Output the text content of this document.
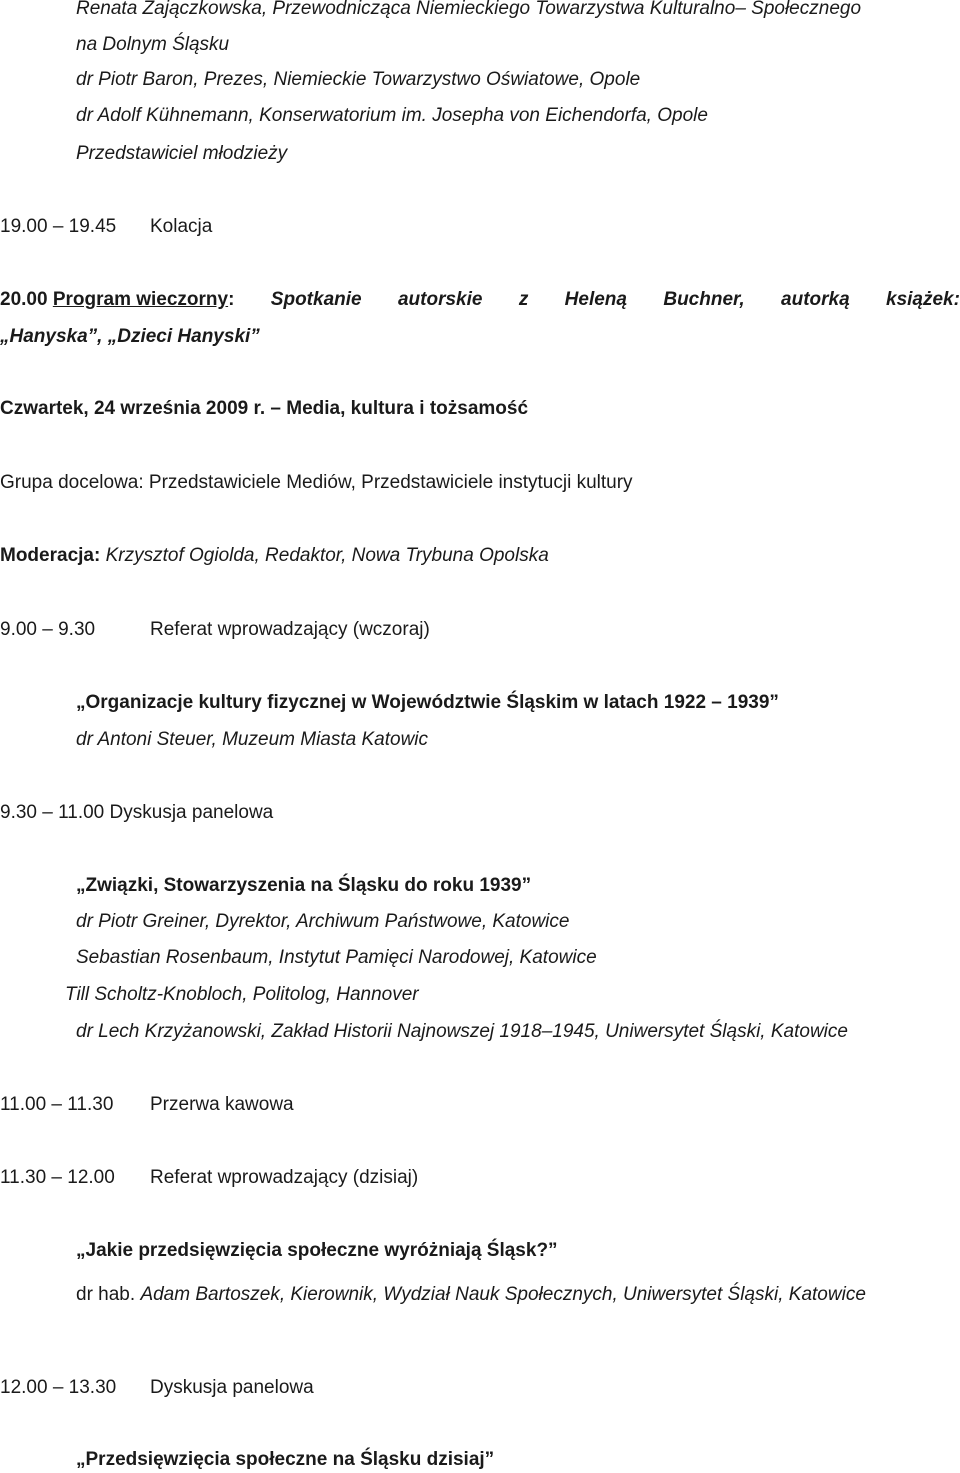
Renata Zajączkowska, Przewodnicząca Niemieckiego Towarzystwa Kulturalno– Społecznego
na Dolnym Śląsku
dr Piotr Baron, Prezes, Niemieckie Towarzystwo Oświatowe, Opole
dr Adolf Kühnemann, Konserwatorium im. Josepha von Eichendorfa, Opole
Przedstawiciel młodzieży
19.00 – 19.45 Kolacja
20.00 Program wieczorny: Spotkanie autorskie z Heleną Buchner, autorką książek:
„Hanyska”, „Dzieci Hanyski”
Czwartek, 24 września 2009 r. – Media, kultura i tożsamość
Grupa docelowa: Przedstawiciele Mediów, Przedstawiciele instytucji kultury
Moderacja: Krzysztof Ogiolda, Redaktor, Nowa Trybuna Opolska
9.00 – 9.30	Referat wprowadzający (wczoraj)
„Organizacje kultury fizycznej w Województwie Śląskim w latach 1922 – 1939”
dr Antoni Steuer, Muzeum Miasta Katowic
9.30 – 11.00 Dyskusja panelowa
„Związki, Stowarzyszenia na Śląsku do roku 1939”
dr Piotr Greiner, Dyrektor, Archiwum Państwowe, Katowice
Sebastian Rosenbaum, Instytut Pamięci Narodowej, Katowice
Till Scholtz-Knobloch, Politolog, Hannover
dr Lech Krzyżanowski, Zakład Historii Najnowszej 1918–1945, Uniwersytet Śląski, Katowice
11.00 – 11.30 Przerwa kawowa
11.30 – 12.00 Referat wprowadzający (dzisiaj)
„Jakie przedsięwzięcia społeczne wyróżniają Śląsk?”
dr hab. Adam Bartoszek, Kierownik, Wydział Nauk Społecznych, Uniwersytet Śląski, Katowice
12.00 – 13.30 Dyskusja panelowa
„Przedsięwzięcia społeczne na Śląsku dzisiaj”
